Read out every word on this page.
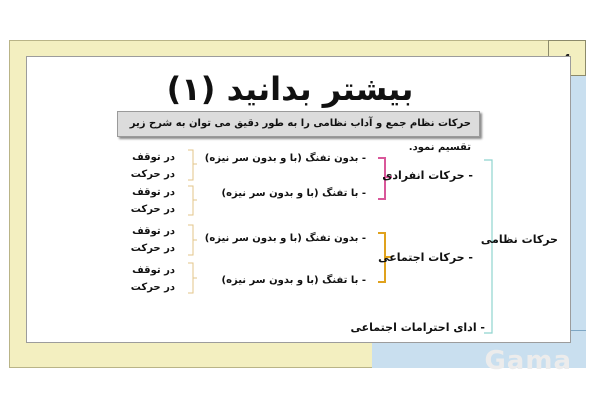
بیشتر بدانید (۱)
حرکات نظام جمع و آداب نظامی را به طور دقیق می توان به شرح زیر تقسیم نمود.
حرکات نظامی
- حرکات انفرادی
- حرکات اجتماعی
- ادای احترامات اجتماعی
- بدون تفنگ (با و بدون سر نیزه)
- با تفنگ (با و بدون سر نیزه)
- بدون تفنگ (با و بدون سر نیزه)
- با تفنگ (با و بدون سر نیزه)
در توقف
در حرکت
در توقف
در حرکت
در توقف
در حرکت
در توقف
در حرکت
Gama
